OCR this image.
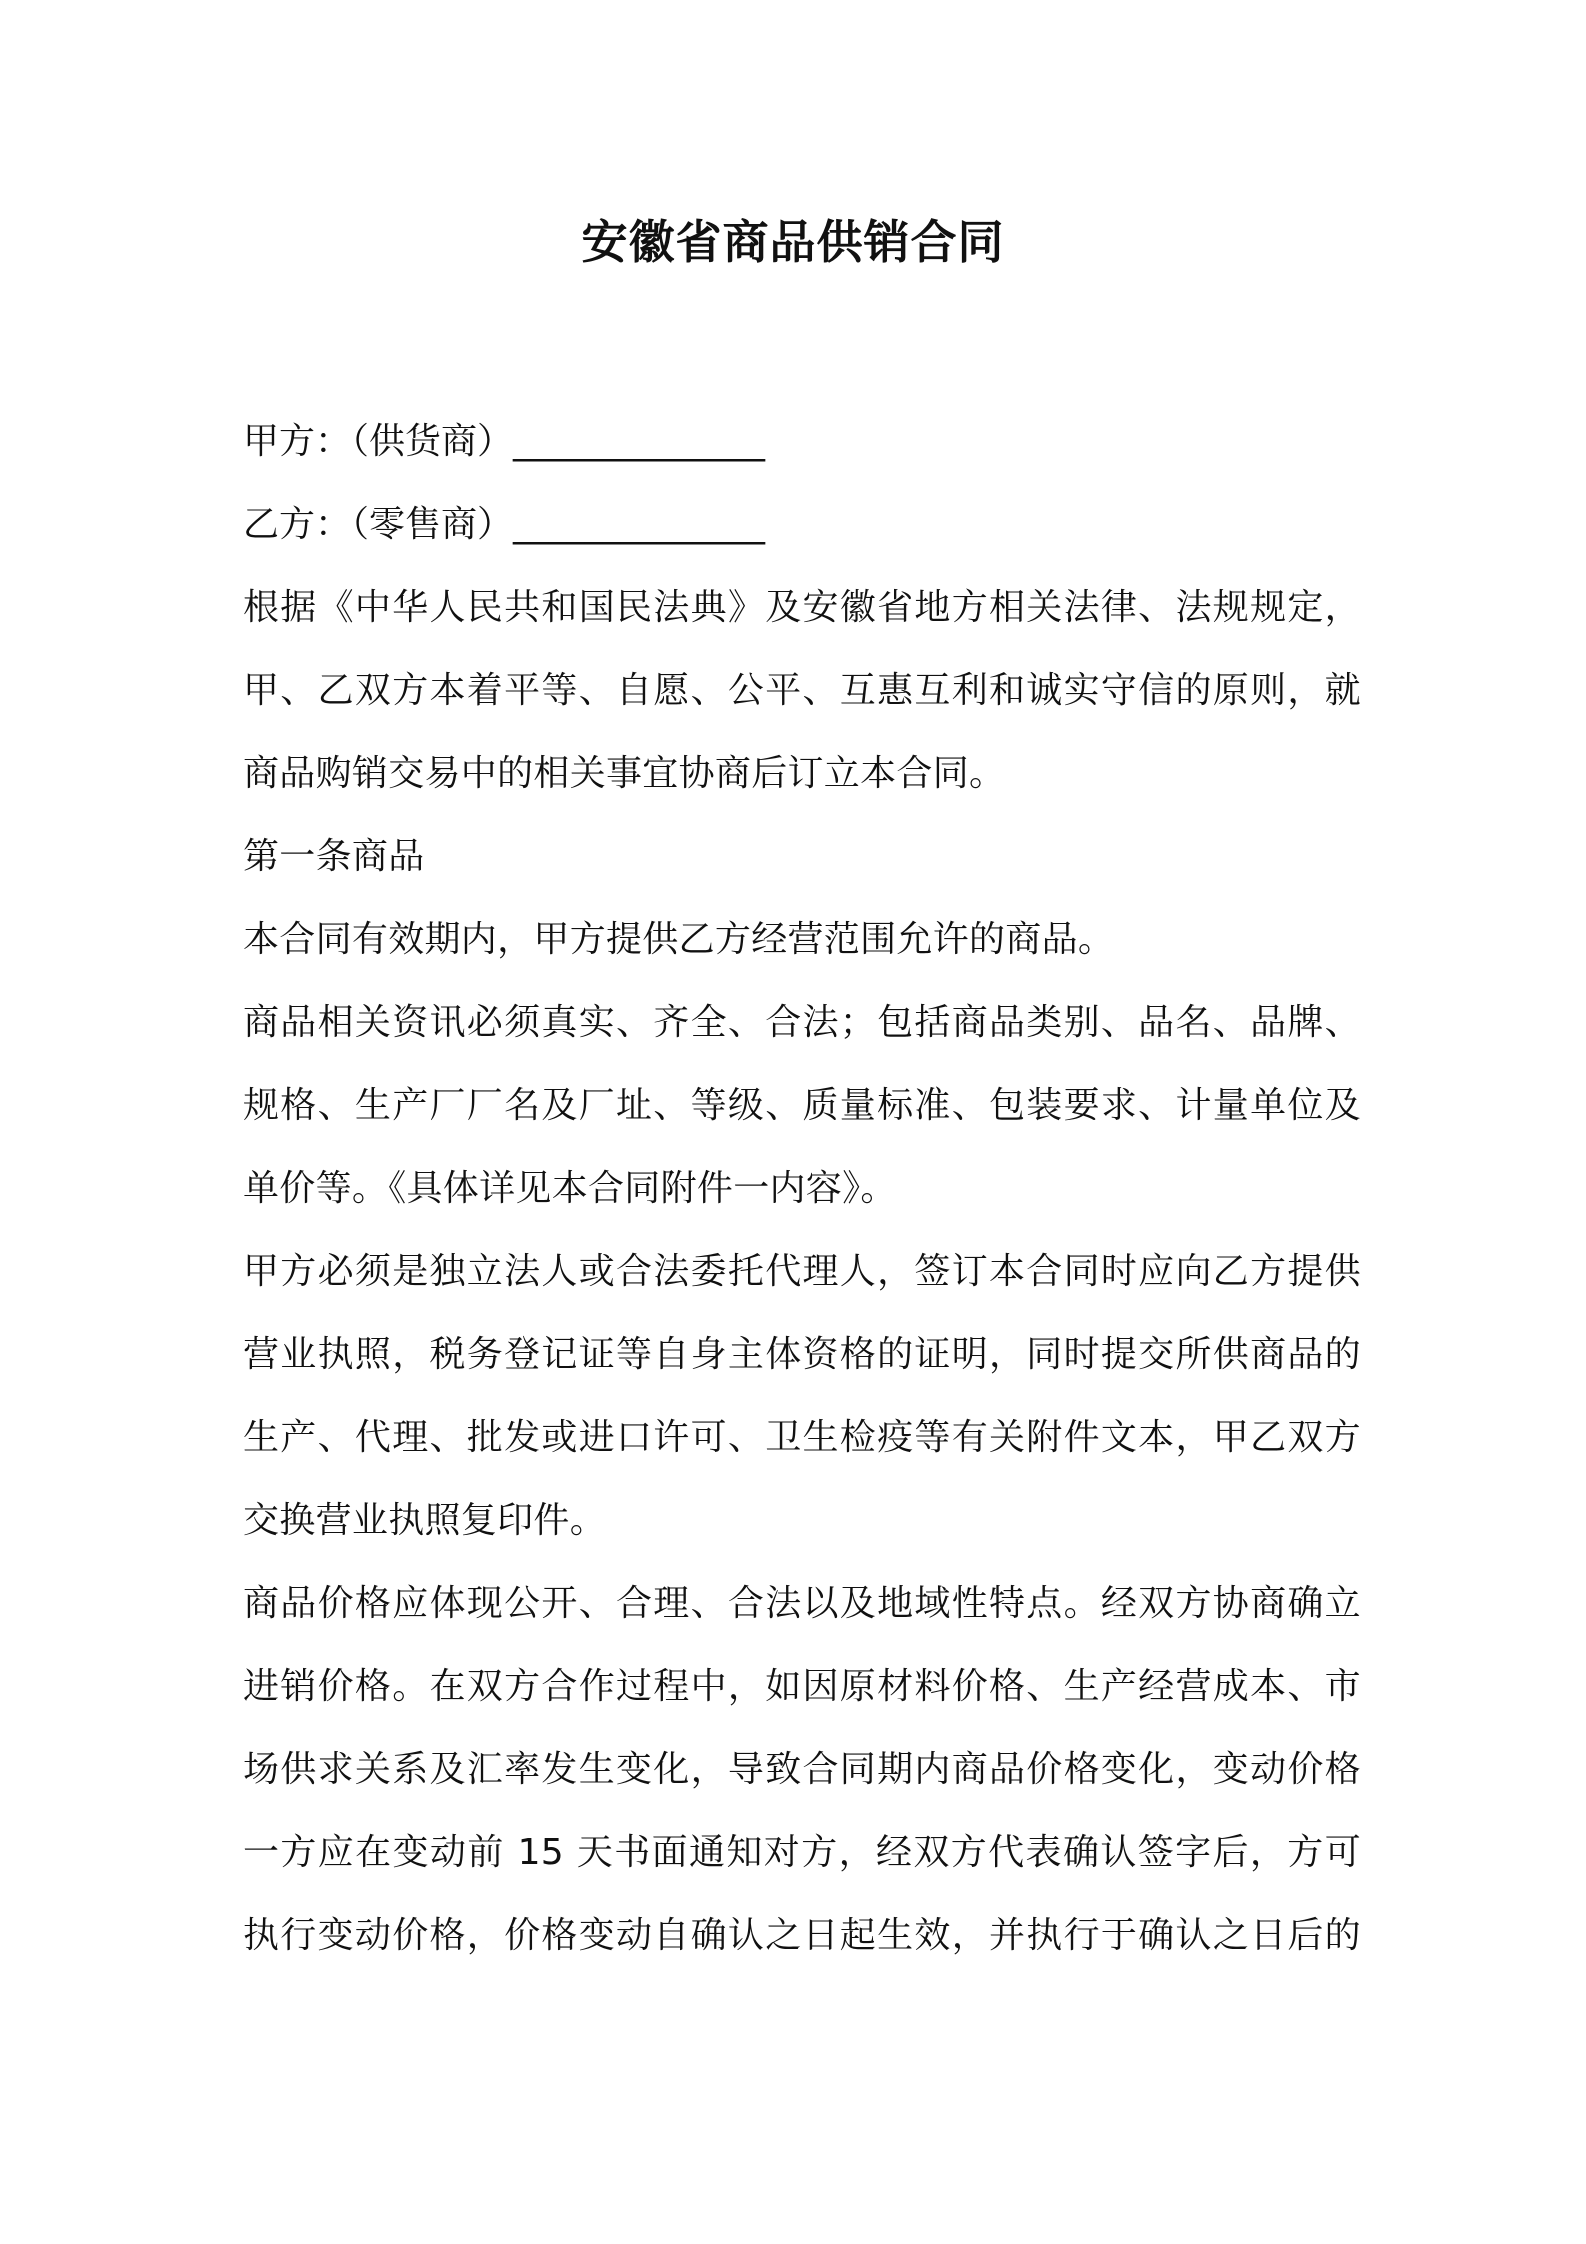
安徽省商品供销合同
甲方：（供货商）______________
乙方：（零售商）______________
根据《中华人民共和国民法典》及安徽省地方相关法律、法规规定，
甲、乙双方本着平等、自愿、公平、互惠互利和诚实守信的原则，就
商品购销交易中的相关事宜协商后订立本合同。
第一条商品
本合同有效期内，甲方提供乙方经营范围允许的商品。
商品相关资讯必须真实、齐全、合法；包括商品类别、品名、品牌、
规格、生产厂厂名及厂址、等级、质量标准、包装要求、计量单位及
单价等。《具体详见本合同附件一内容》。
甲方必须是独立法人或合法委托代理人，签订本合同时应向乙方提供
营业执照，税务登记证等自身主体资格的证明，同时提交所供商品的
生产、代理、批发或进口许可、卫生检疫等有关附件文本，甲乙双方
交换营业执照复印件。
商品价格应体现公开、合理、合法以及地域性特点。经双方协商确立
进销价格。在双方合作过程中，如因原材料价格、生产经营成本、市
场供求关系及汇率发生变化，导致合同期内商品价格变化，变动价格
一方应在变动前 15 天书面通知对方，经双方代表确认签字后，方可
执行变动价格，价格变动自确认之日起生效，并执行于确认之日后的
